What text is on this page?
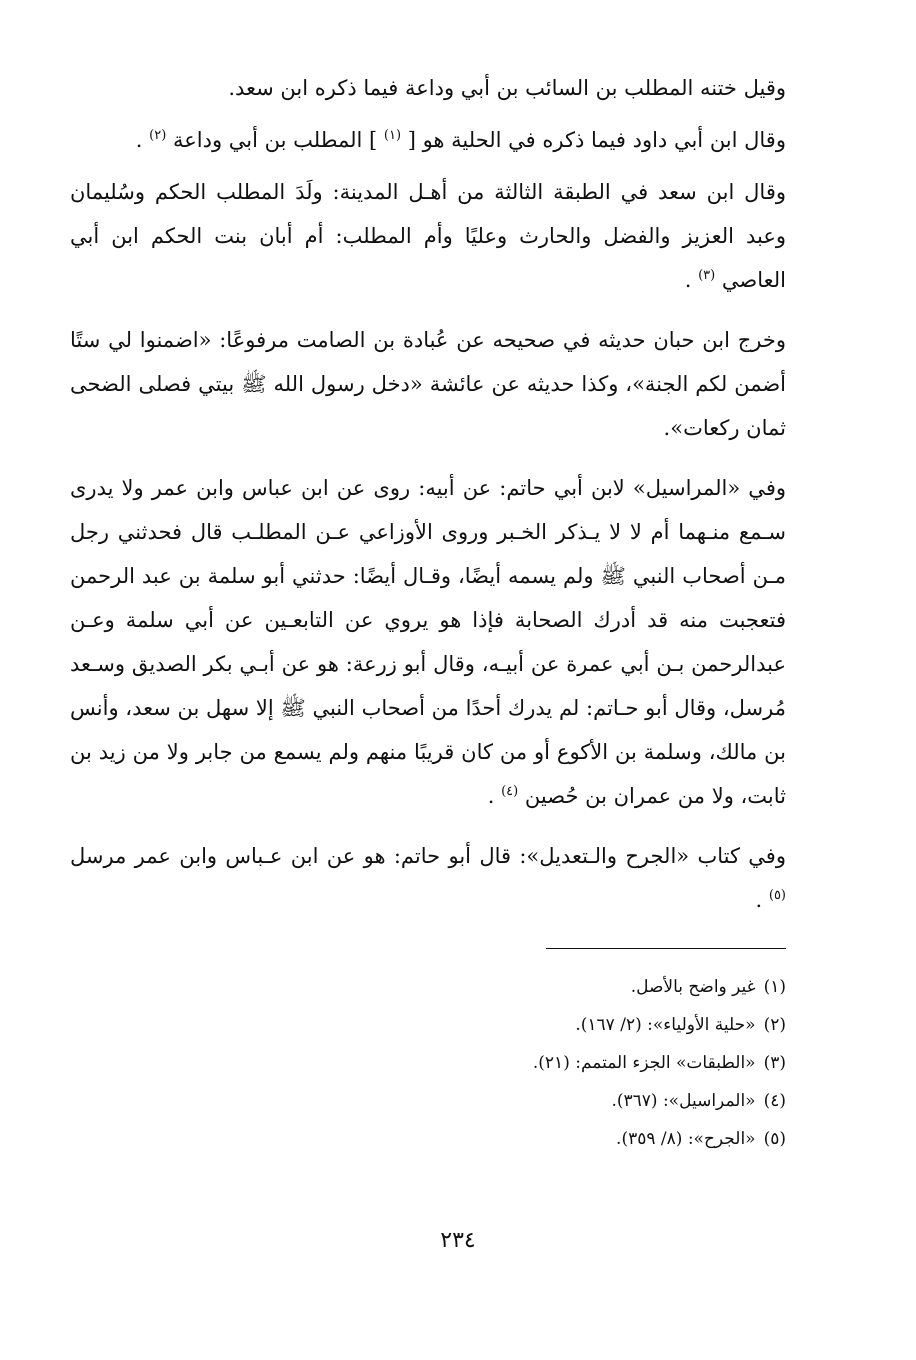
وقيل ختنه المطلب بن السائب بن أبي وداعة فيما ذكره ابن سعد.

وقال ابن أبي داود فيما ذكره في الحلية هو [ $^{(١)}$ ] المطلب بن أبي وداعة $^{(٢)}$ .

وقال ابن سعد في الطبقة الثالثة من أهـل المدينة: ولَدَ المطلب الحكم وسُليمان وعبد العزيز والفضل والحارث وعليًا وأم المطلب: أم أبان بنت الحكم ابن أبي العاصي $^{(٣)}$ .

وخرج ابن حبان حديثه في صحيحه عن عُبادة بن الصامت مرفوعًا: «اضمنوا لي ستًا أضمن لكم الجنة»، وكذا حديثه عن عائشة «دخل رسول الله ﷺ بيتي فصلى الضحى ثمان ركعات».

وفي «المراسيل» لابن أبي حاتم: عن أبيه: روى عن ابن عباس وابن عمر ولا يدرى سـمع منـهما أم لا لا يـذكر الخـبر وروى الأوزاعي عـن المطلـب قال فحدثني رجل مـن أصحاب النبي ﷺ ولم يسمه أيضًا، وقـال أيضًا: حدثني أبو سلمة بن عبد الرحمن فتعجبت منه قد أدرك الصحابة فإذا هو يروي عن التابعـين عن أبي سلمة وعـن عبدالرحمن بـن أبي عمرة عن أبيـه، وقال أبو زرعة: هو عن أبـي بكر الصديق وسـعد مُرسل، وقال أبو حـاتم: لم يدرك أحدًا من أصحاب النبي ﷺ إلا سهل بن سعد، وأنس بن مالك، وسلمة بن الأكوع أو من كان قريبًا منهم ولم يسمع من جابر ولا من زيد بن ثابت، ولا من عمران بن حُصين $^{(٤)}$ .

وفي كتاب «الجرح والـتعديل»: قال أبو حاتم: هو عن ابن عـباس وابن عمر مرسل $^{(٥)}$ .

(١)غير واضح بالأصل.
(٢)«حلية الأولياء»: (٢/ ١٦٧).
(٣)«الطبقات» الجزء المتمم: (٢١).
(٤)«المراسيل»: (٣٦٧).
(٥)«الجرح»: (٨/ ٣٥٩).
٢٣٤
